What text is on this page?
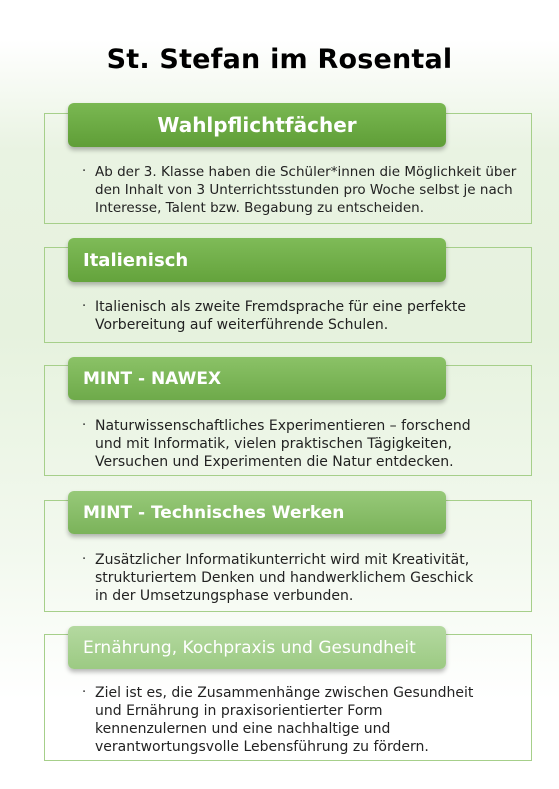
St. Stefan im Rosental
· Ab der 3. Klasse haben die Schüler*innen die Möglichkeit über
den Inhalt von 3 Unterrichtsstunden pro Woche selbst je nach
Interesse, Talent bzw. Begabung zu entscheiden.
Wahlpflichtfächer
· Italienisch als zweite Fremdsprache für eine perfekte
Vorbereitung auf weiterführende Schulen.
Italienisch
· Naturwissenschaftliches Experimentieren – forschend
und mit Informatik, vielen praktischen Tägigkeiten,
Versuchen und Experimenten die Natur entdecken.
MINT - NAWEX
· Zusätzlicher Informatikunterricht wird mit Kreativität,
strukturiertem Denken und handwerklichem Geschick
in der Umsetzungsphase verbunden.
MINT - Technisches Werken
· Ziel ist es, die Zusammenhänge zwischen Gesundheit
und Ernährung in praxisorientierter Form
kennenzulernen und eine nachhaltige und
verantwortungsvolle Lebensführung zu fördern.
Ernährung, Kochpraxis und Gesundheit
